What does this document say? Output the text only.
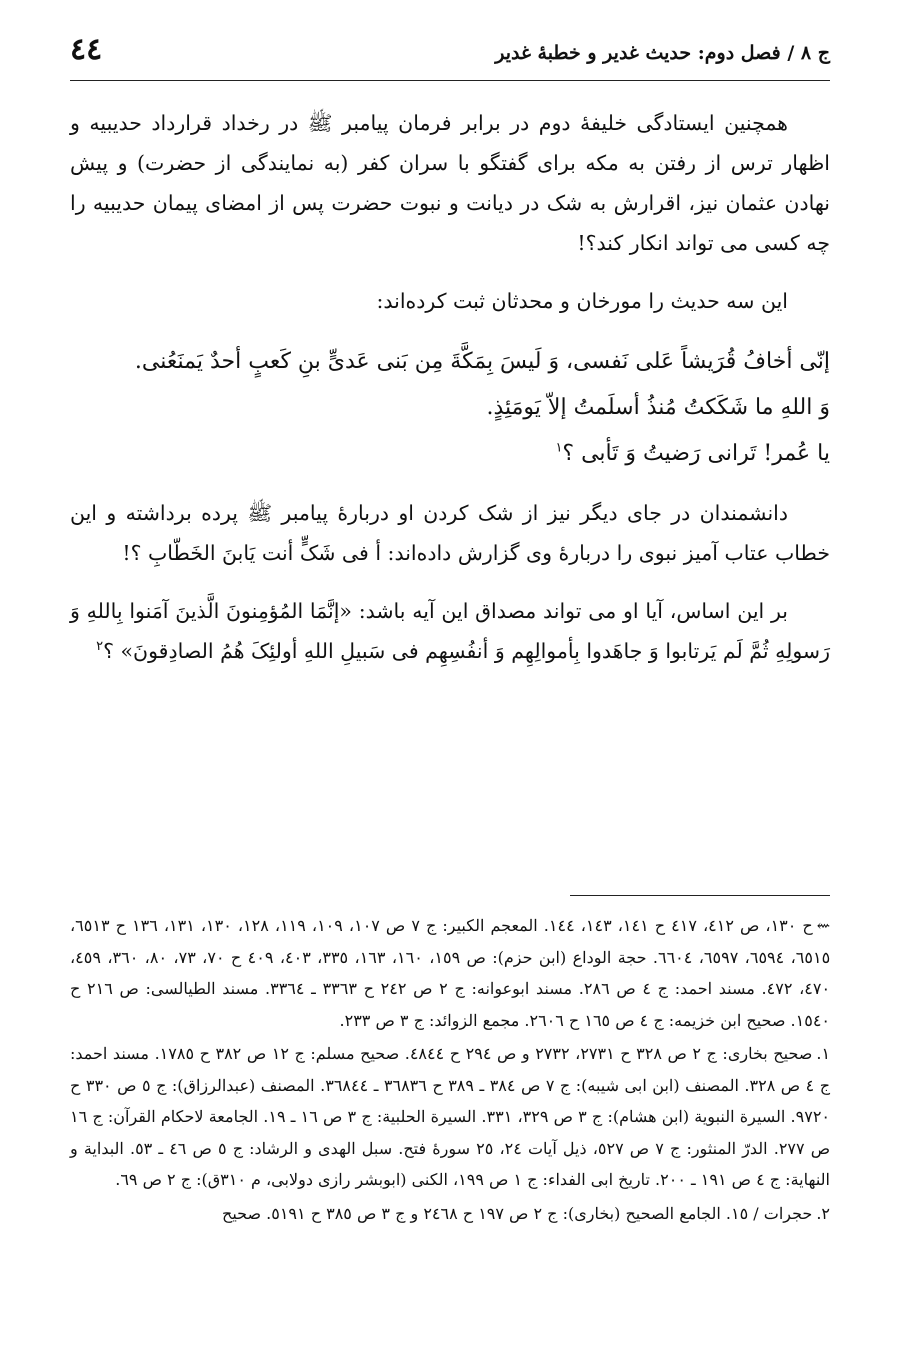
ج ٨ / فصل دوم: حدیث غدیر و خطبۀ غدیر
٤٤

همچنین ایستادگی خلیفۀ دوم در برابر فرمان پیامبر ﷺ در رخداد قرارداد حدیبیه و اظهار ترس از رفتن به مکه برای گفتگو با سران کفر (به نمایندگی از حضرت) و پیش نهادن عثمان نیز، اقرارش به شک در دیانت و نبوت حضرت پس از امضای پیمان حدیبیه را چه کسی می تواند انکار کند؟!

این سه حدیث را مورخان و محدثان ثبت کرده‌اند:

إنّی أخافُ قُرَیشاً عَلی نَفسی، وَ لَیسَ بِمَکَّةَ مِن بَنی عَدیٍّ بنِ کَعبٍ أحدٌ یَمنَعُنی.
وَ اللهِ ما شَکَکتُ مُنذُ أسلَمتُ إلاّ یَومَئِذٍ.
یا عُمر! تَرانی رَضیتُ وَ تَأبی ؟$^١$

دانشمندان در جای دیگر نیز از شک کردن او دربارۀ پیامبر ﷺ پرده برداشته و این خطاب عتاب آمیز نبوی را دربارۀ وی گزارش داده‌اند: أ فی شَکٍّ أنت یَابنَ الخَطّابِ ؟!

بر این اساس، آیا او می تواند مصداق این آیه باشد: «إنَّمَا المُؤمِنونَ الَّذینَ آمَنوا بِاللهِ وَ رَسولِهِ ثُمَّ لَم یَرتابوا وَ جاهَدوا بِأموالِهِم وَ أنفُسِهِم فی سَبیلِ اللهِ أولئِکَ هُمُ الصادِقونَ» ؟$^٢$

⇜ح ١٣٠، ص ٤١٢، ٤١٧ ح ١٤١، ١٤٣، ١٤٤. المعجم الکبیر: ج ٧ ص ١٠٧، ١٠٩، ١١٩، ١٢٨، ١٣٠، ١٣١، ١٣٦ ح ٦٥١٣، ٦٥١٥، ٦٥٩٤، ٦٥٩٧، ٦٦٠٤. حجة الوداع (ابن حزم): ص ١٥٩، ١٦٠، ١٦٣، ٣٣٥، ٤٠٣، ٤٠٩ ح ٧٠، ٧٣، ٨٠، ٣٦٠، ٤٥٩، ٤٧٠، ٤٧٢. مسند احمد: ج ٤ ص ٢٨٦. مسند ابوعوانه: ج ٢ ص ٢٤٢ ح ٣٣٦٣ ـ ٣٣٦٤. مسند الطیالسی: ص ٢١٦ ح ١٥٤٠. صحیح ابن خزیمه: ج ٤ ص ١٦٥ ح ٢٦٠٦. مجمع الزوائد: ج ٣ ص ٢٣٣.

١.صحیح بخاری: ج ٢ ص ٣٢٨ ح ٢٧٣١، ٢٧٣٢ و ص ٢٩٤ ح ٤٨٤٤. صحیح مسلم: ج ١٢ ص ٣٨٢ ح ١٧٨٥. مسند احمد: ج ٤ ص ٣٢٨. المصنف (ابن ابی شیبه): ج ٧ ص ٣٨٤ ـ ٣٨٩ ح ٣٦٨٣٦ ـ ٣٦٨٤٤. المصنف (عبدالرزاق): ج ٥ ص ٣٣٠ ح ٩٧٢٠. السیرة النبویة (ابن هشام): ج ٣ ص ٣٢٩، ٣٣١. السیرة الحلبیة: ج ٣ ص ١٦ ـ ١٩. الجامعة لاحکام القرآن: ج ١٦ ص ٢٧٧. الدرّ المنثور: ج ٧ ص ٥٢٧، ذیل آیات ٢٤، ٢٥ سورۀ فتح. سبل الهدی و الرشاد: ج ٥ ص ٤٦ ـ ٥٣. البدایة و النهایة: ج ٤ ص ١٩١ ـ ٢٠٠. تاریخ ابی الفداء: ج ١ ص ١٩٩، الکنی (ابوبشر رازی دولابی، م ٣١٠ق): ج ٢ ص ٦٩.

٢.حجرات / ١٥. الجامع الصحیح (بخاری): ج ٢ ص ١٩٧ ح ٢٤٦٨ و ج ٣ ص ٣٨٥ ح ٥١٩١. صحیح
